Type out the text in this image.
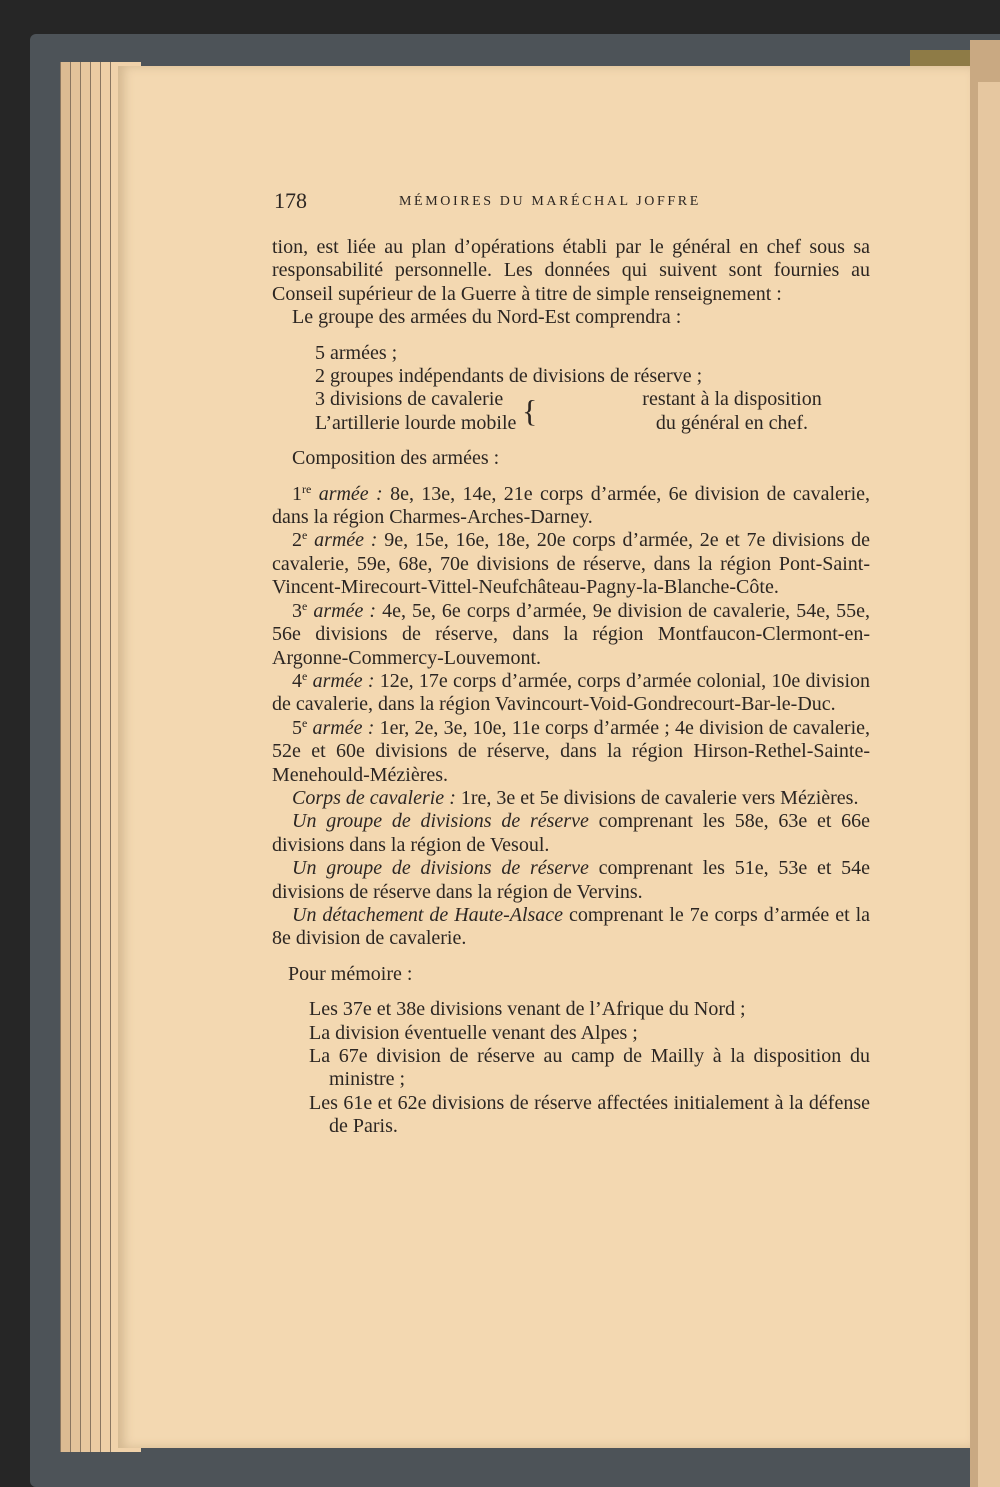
178	MÉMOIRES DU MARÉCHAL JOFFRE

tion, est liée au plan d’opérations établi par le général en chef sous sa responsabilité personnelle. Les données qui suivent sont fournies au Conseil supérieur de la Guerre à titre de simple renseignement :

Le groupe des armées du Nord-Est comprendra :

5 armées ;

2 groupes indépendants de divisions de réserve ;

3 divisions de cavalerie
L’artillerie lourde mobile {	restant à la disposition
du général en chef.

Composition des armées :

1re armée : 8e, 13e, 14e, 21e corps d’armée, 6e division de cavalerie, dans la région Charmes-Arches-Darney.

2e armée : 9e, 15e, 16e, 18e, 20e corps d’armée, 2e et 7e divisions de cavalerie, 59e, 68e, 70e divisions de réserve, dans la région Pont-Saint-Vincent-Mirecourt-Vittel-Neufchâteau-Pagny-la-Blanche-Côte.

3e armée : 4e, 5e, 6e corps d’armée, 9e division de cavalerie, 54e, 55e, 56e divisions de réserve, dans la région Montfaucon-Clermont-en-Argonne-Commercy-Louvemont.

4e armée : 12e, 17e corps d’armée, corps d’armée colonial, 10e division de cavalerie, dans la région Vavincourt-Void-Gondrecourt-Bar-le-Duc.

5e armée : 1er, 2e, 3e, 10e, 11e corps d’armée ; 4e division de cavalerie, 52e et 60e divisions de réserve, dans la région Hirson-Rethel-Sainte-Menehould-Mézières.

Corps de cavalerie : 1re, 3e et 5e divisions de cavalerie vers Mézières.

Un groupe de divisions de réserve comprenant les 58e, 63e et 66e divisions dans la région de Vesoul.

Un groupe de divisions de réserve comprenant les 51e, 53e et 54e divisions de réserve dans la région de Vervins.

Un détachement de Haute-Alsace comprenant le 7e corps d’armée et la 8e division de cavalerie.

Pour mémoire :

Les 37e et 38e divisions venant de l’Afrique du Nord ;

La division éventuelle venant des Alpes ;

La 67e division de réserve au camp de Mailly à la disposition du ministre ;

Les 61e et 62e divisions de réserve affectées initialement à la défense de Paris.
